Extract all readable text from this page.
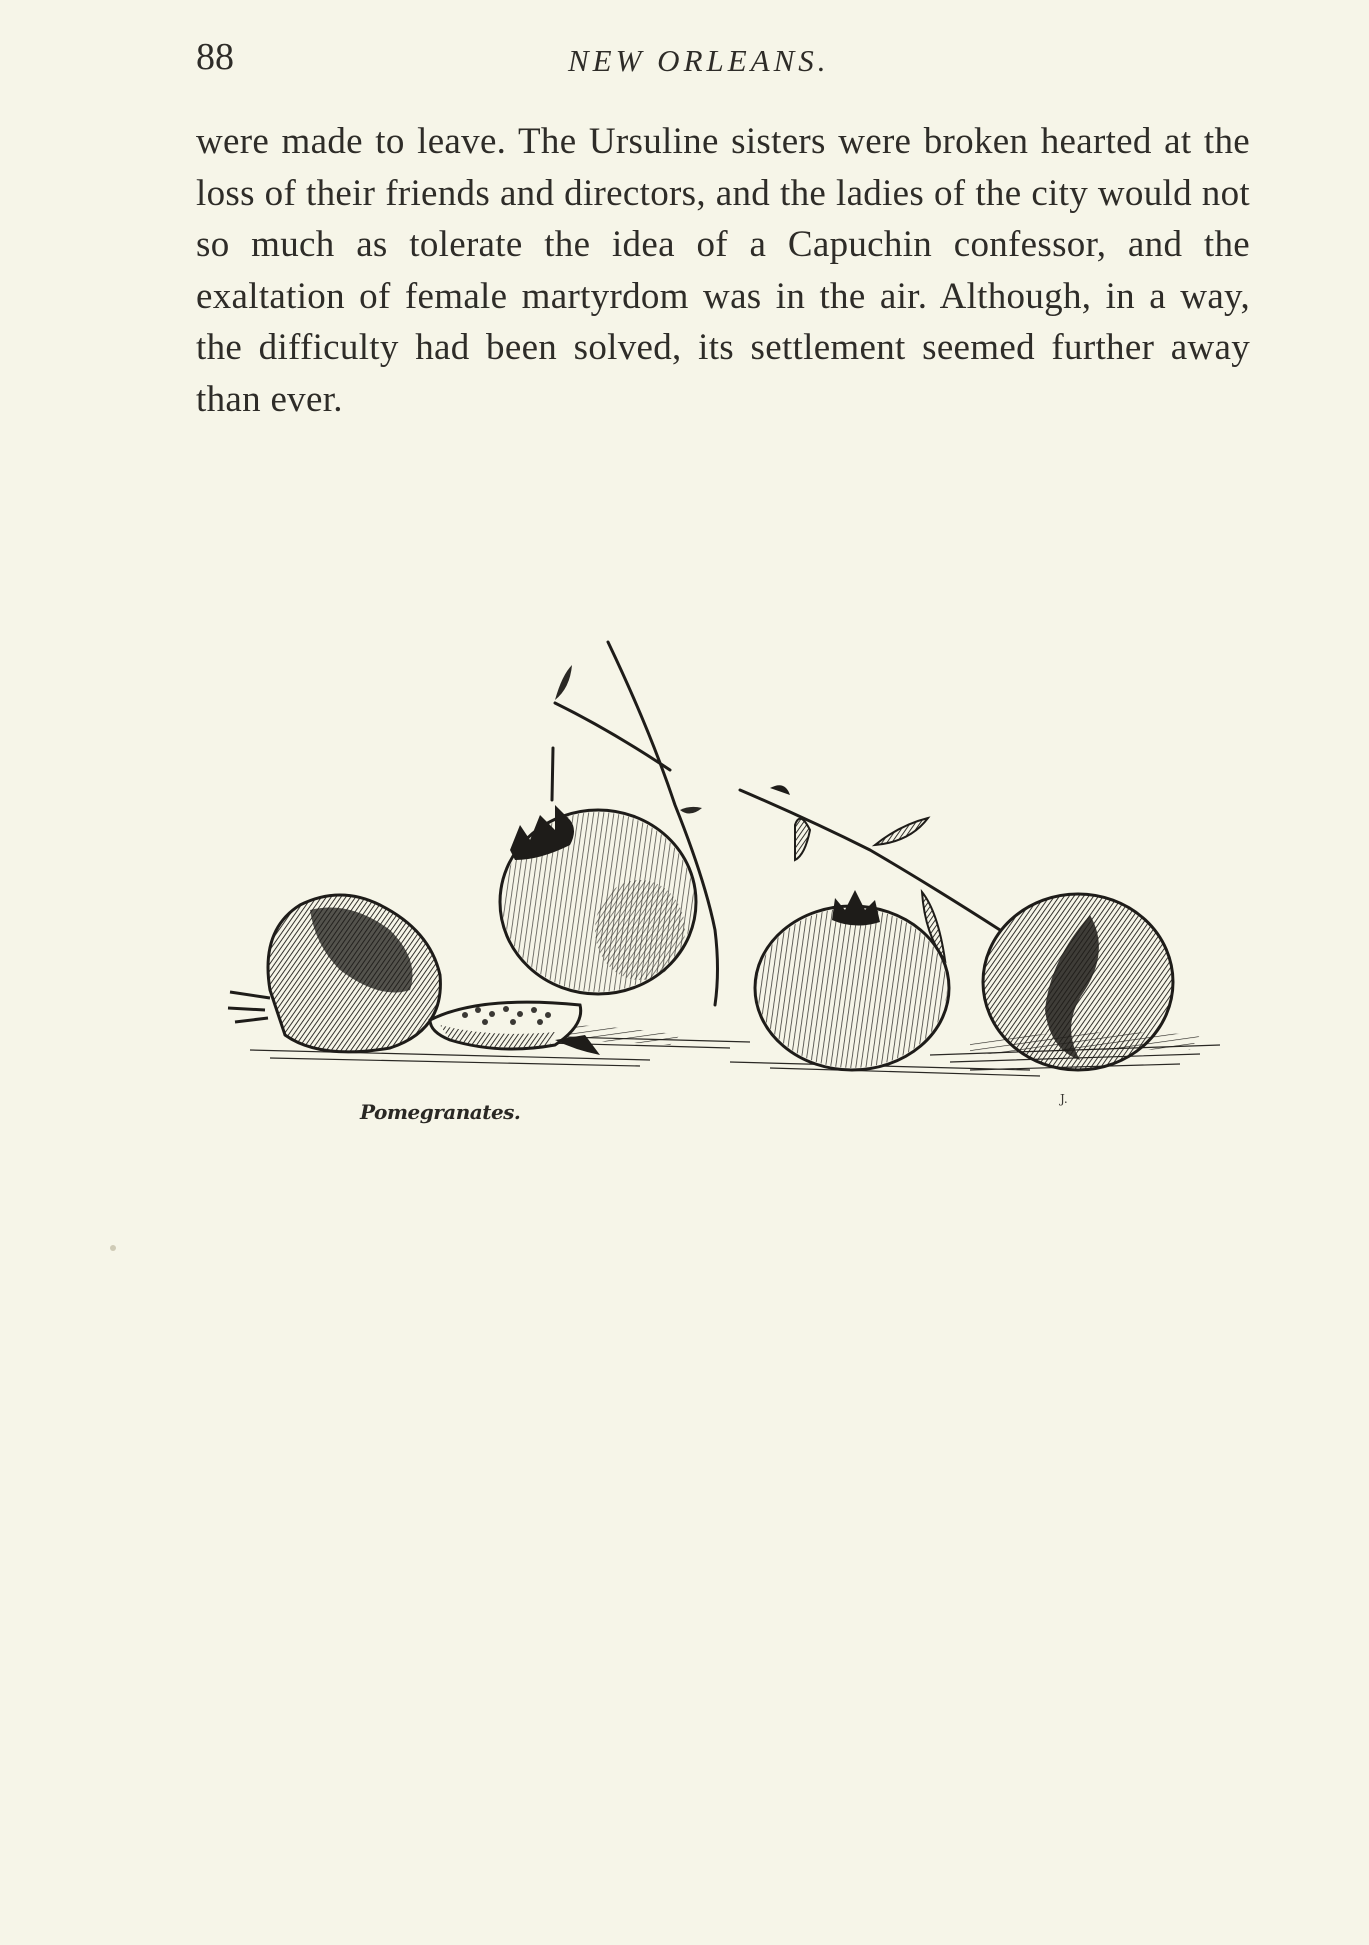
88	NEW ORLEANS.

were made to leave. The Ursuline sisters were broken hearted at the loss of their friends and directors, and the ladies of the city would not so much as tolerate the idea of a Capuchin confessor, and the exaltation of female martyrdom was in the air. Although, in a way, the difficulty had been solved, its settlement seemed further away than ever.

Pomegranates.
J.
